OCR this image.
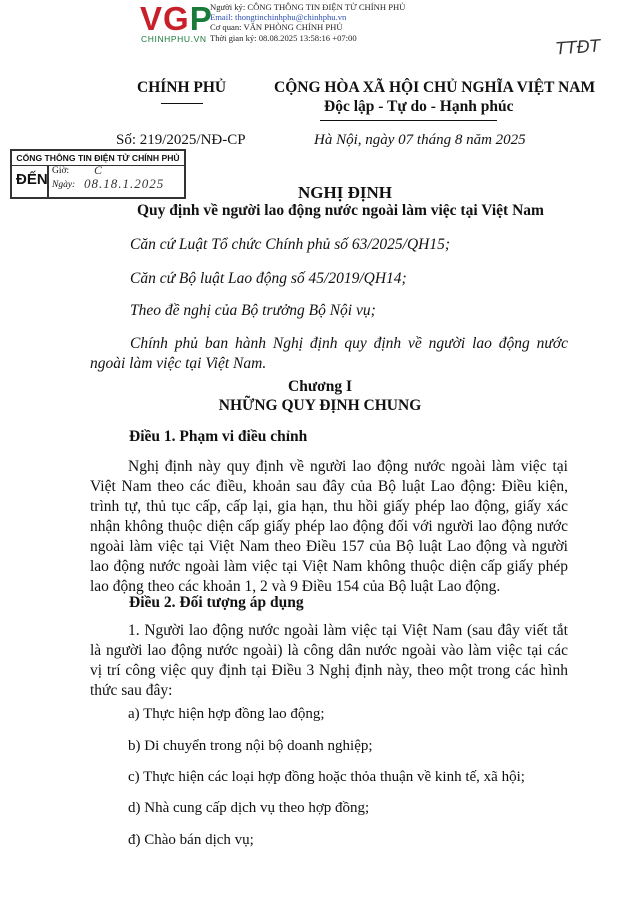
VGP
CHINHPHU.VN
Người ký: CÔNG THÔNG TIN ĐIỆN TỬ CHÍNH PHỦ
Email: thongtinchinhphu@chinhphu.vn
Cơ quan: VĂN PHÒNG CHÍNH PHỦ
Thời gian ký: 08.08.2025 13:58:16 +07:00	TTĐT
CHÍNH PHỦ	CỘNG HÒA XÃ HỘI CHỦ NGHĨA VIỆT NAM
Độc lập - Tự do - Hạnh phúc
Số: 219/2025/NĐ-CP	Hà Nội, ngày 07 tháng 8 năm 2025
CỔNG THÔNG TIN ĐIỆN TỬ CHÍNH PHỦ
ĐẾN Giờ: C
Ngày: 08.18.1.2025	NGHỊ ĐỊNH
Quy định về người lao động nước ngoài làm việc tại Việt Nam
Căn cứ Luật Tổ chức Chính phủ số 63/2025/QH15;
Căn cứ Bộ luật Lao động số 45/2019/QH14;
Theo đề nghị của Bộ trưởng Bộ Nội vụ;
Chính phủ ban hành Nghị định quy định về người lao động nước ngoài làm việc tại Việt Nam.
Chương I
NHỮNG QUY ĐỊNH CHUNG
Điều 1. Phạm vi điều chỉnh
Nghị định này quy định về người lao động nước ngoài làm việc tại Việt Nam theo các điều, khoản sau đây của Bộ luật Lao động: Điều kiện, trình tự, thủ tục cấp, cấp lại, gia hạn, thu hồi giấy phép lao động, giấy xác nhận không thuộc diện cấp giấy phép lao động đối với người lao động nước ngoài làm việc tại Việt Nam theo Điều 157 của Bộ luật Lao động và người lao động nước ngoài làm việc tại Việt Nam không thuộc diện cấp giấy phép lao động theo các khoản 1, 2 và 9 Điều 154 của Bộ luật Lao động.
Điều 2. Đối tượng áp dụng
1. Người lao động nước ngoài làm việc tại Việt Nam (sau đây viết tắt là người lao động nước ngoài) là công dân nước ngoài vào làm việc tại các vị trí công việc quy định tại Điều 3 Nghị định này, theo một trong các hình thức sau đây:
a) Thực hiện hợp đồng lao động;
b) Di chuyển trong nội bộ doanh nghiệp;
c) Thực hiện các loại hợp đồng hoặc thỏa thuận về kinh tế, xã hội;
d) Nhà cung cấp dịch vụ theo hợp đồng;
đ) Chào bán dịch vụ;
